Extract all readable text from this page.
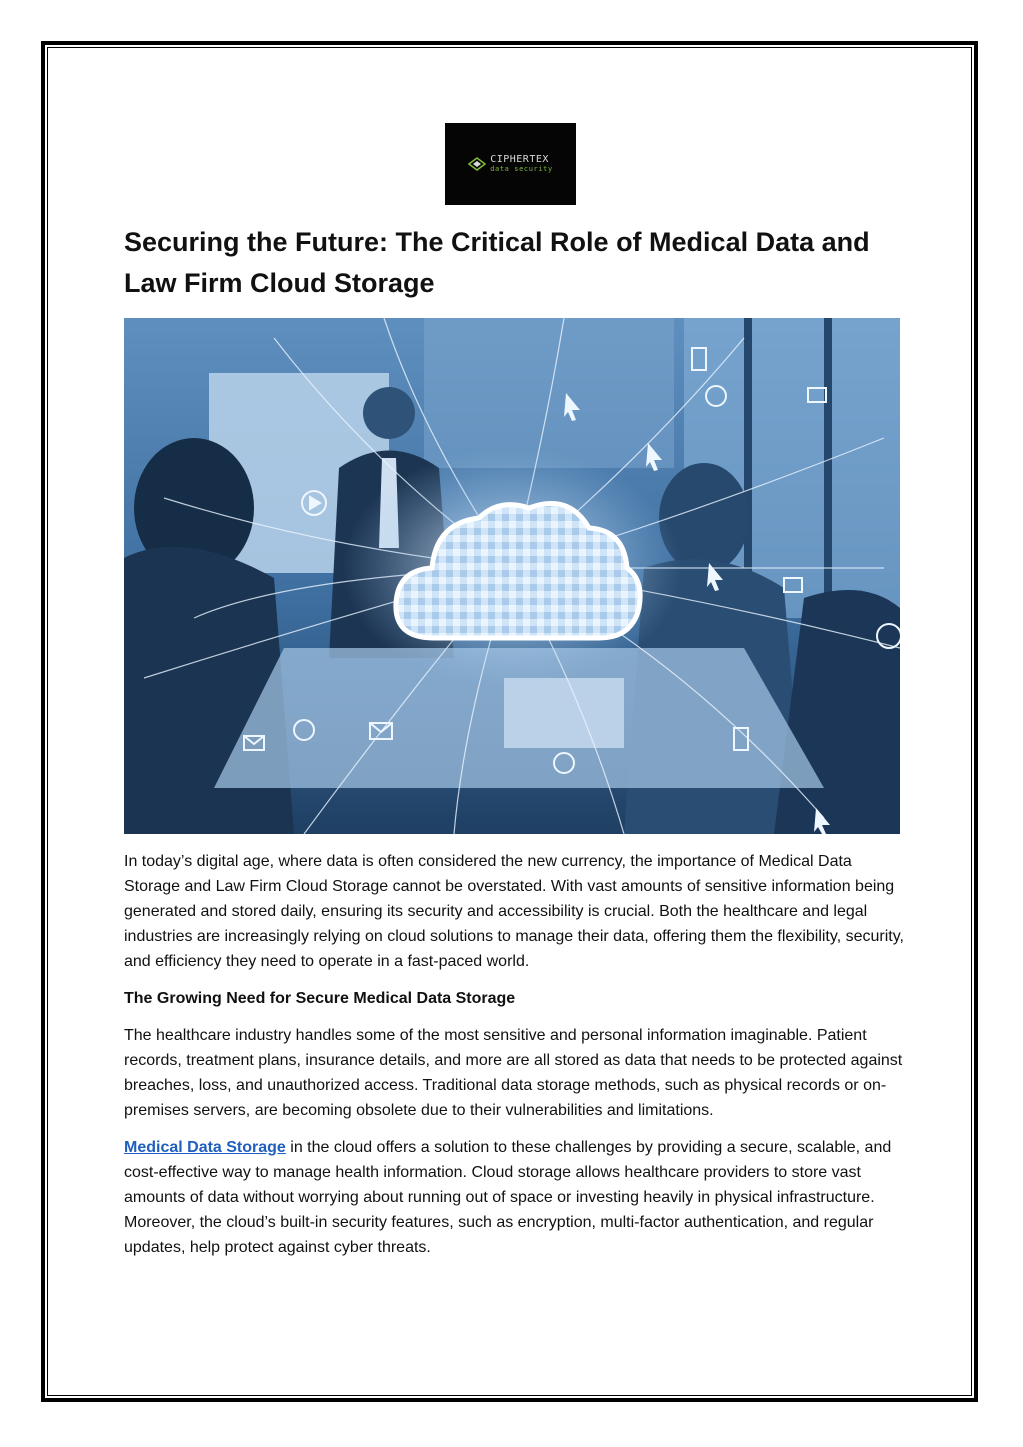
CIPHERTEX
data security
Securing the Future: The Critical Role of Medical Data and Law Firm Cloud Storage

In today’s digital age, where data is often considered the new currency, the importance of Medical Data Storage and Law Firm Cloud Storage cannot be overstated. With vast amounts of sensitive information being generated and stored daily, ensuring its security and accessibility is crucial. Both the healthcare and legal industries are increasingly relying on cloud solutions to manage their data, offering them the flexibility, security, and efficiency they need to operate in a fast-paced world.

The Growing Need for Secure Medical Data Storage

The healthcare industry handles some of the most sensitive and personal information imaginable. Patient records, treatment plans, insurance details, and more are all stored as data that needs to be protected against breaches, loss, and unauthorized access. Traditional data storage methods, such as physical records or on-premises servers, are becoming obsolete due to their vulnerabilities and limitations.

Medical Data Storage in the cloud offers a solution to these challenges by providing a secure, scalable, and cost-effective way to manage health information. Cloud storage allows healthcare providers to store vast amounts of data without worrying about running out of space or investing heavily in physical infrastructure. Moreover, the cloud’s built-in security features, such as encryption, multi-factor authentication, and regular updates, help protect against cyber threats.
